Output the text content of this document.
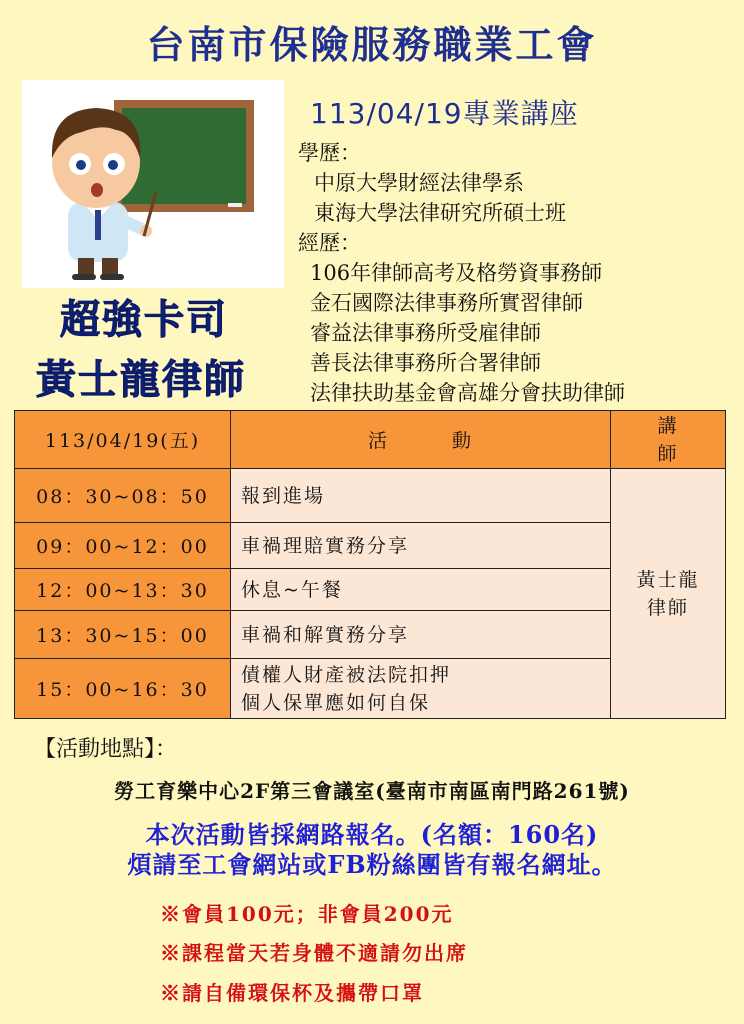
台南市保險服務職業工會
113/04/19專業講座
學歷：
中原大學財經法律學系
東海大學法律研究所碩士班
經歷：
106年律師高考及格勞資事務師
金石國際法律事務所實習律師
睿益法律事務所受雇律師
善長法律事務所合署律師
法律扶助基金會高雄分會扶助律師
超強卡司
黃士龍律師
113/04/19(五)	活　　　動	講
師

08：30~08：50	報到進場	黃士龍
律師

09：00~12：00	車禍理賠實務分享	

12：00~13：30	休息~午餐	

13：30~15：00	車禍和解實務分享	

15：00~16：30	債權人財產被法院扣押
個人保單應如何自保	
【活動地點】：
勞工育樂中心2F第三會議室(臺南市南區南門路261號)
本次活動皆採網路報名。(名額：160名)
煩請至工會網站或FB粉絲團皆有報名網址。
※會員100元；非會員200元
※課程當天若身體不適請勿出席
※請自備環保杯及攜帶口罩
